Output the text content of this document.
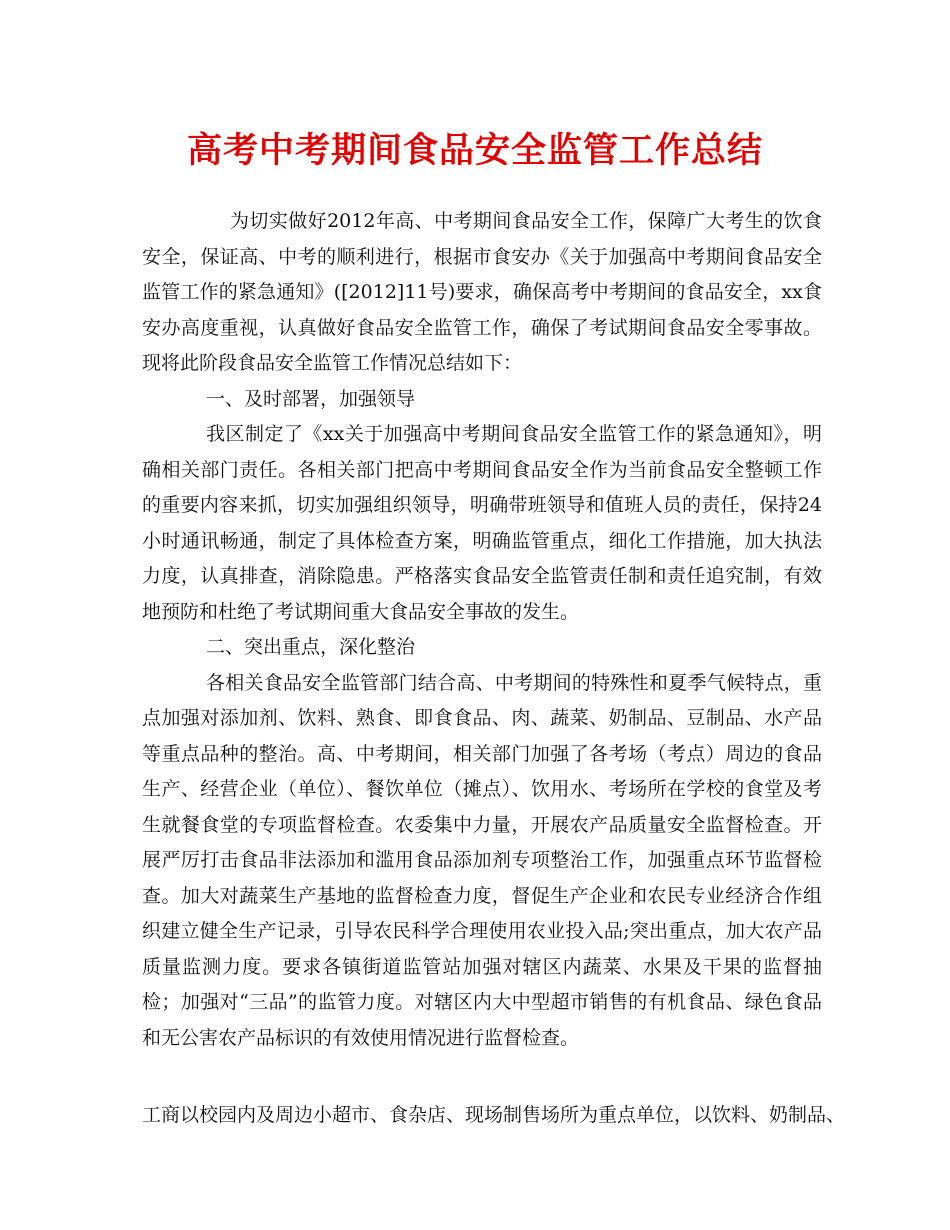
高考中考期间食品安全监管工作总结

为切实做好2012年高、中考期间食品安全工作，保障广大考生的饮食安全，保证高、中考的顺利进行，根据市食安办《关于加强高中考期间食品安全监管工作的紧急通知》([2012]11号)要求，确保高考中考期间的食品安全，xx食安办高度重视，认真做好食品安全监管工作，确保了考试期间食品安全零事故。现将此阶段食品安全监管工作情况总结如下：

一、及时部署，加强领导

我区制定了《xx关于加强高中考期间食品安全监管工作的紧急通知》，明确相关部门责任。各相关部门把高中考期间食品安全作为当前食品安全整顿工作的重要内容来抓，切实加强组织领导，明确带班领导和值班人员的责任，保持24小时通讯畅通，制定了具体检查方案，明确监管重点，细化工作措施，加大执法力度，认真排查，消除隐患。严格落实食品安全监管责任制和责任追究制，有效地预防和杜绝了考试期间重大食品安全事故的发生。

二、突出重点，深化整治

各相关食品安全监管部门结合高、中考期间的特殊性和夏季气候特点，重点加强对添加剂、饮料、熟食、即食食品、肉、蔬菜、奶制品、豆制品、水产品等重点品种的整治。高、中考期间，相关部门加强了各考场（考点）周边的食品生产、经营企业（单位）、餐饮单位（摊点）、饮用水、考场所在学校的食堂及考生就餐食堂的专项监督检查。农委集中力量，开展农产品质量安全监督检查。开展严厉打击食品非法添加和滥用食品添加剂专项整治工作，加强重点环节监督检查。加大对蔬菜生产基地的监督检查力度，督促生产企业和农民专业经济合作组织建立健全生产记录，引导农民科学合理使用农业投入品;突出重点，加大农产品质量监测力度。要求各镇街道监管站加强对辖区内蔬菜、水果及干果的监督抽检；加强对“三品”的监管力度。对辖区内大中型超市销售的有机食品、绿色食品和无公害农产品标识的有效使用情况进行监督检查。

工商以校园内及周边小超市、食杂店、现场制售场所为重点单位，以饮料、奶制品、
